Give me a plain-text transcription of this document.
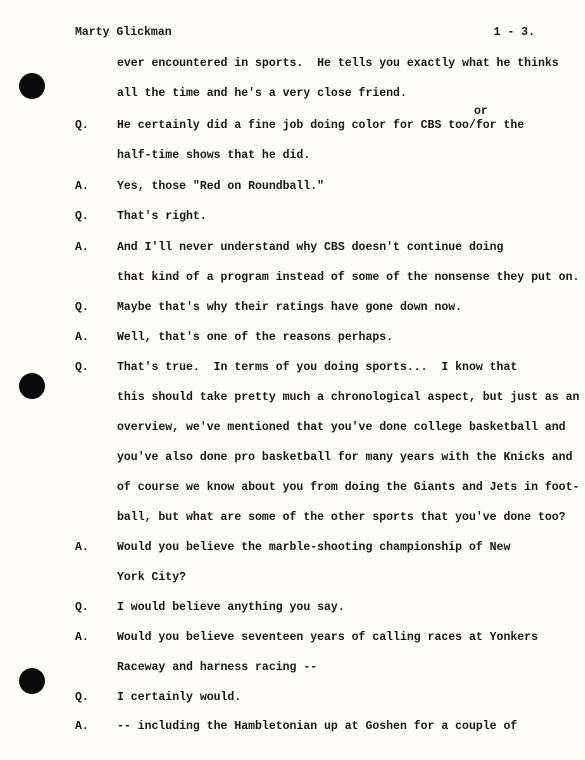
Marty Glickman	1 - 3.
or
ever encountered in sports.  He tells you exactly what he thinks
all the time and he's a very close friend.
Q. He certainly did a fine job doing color for CBS too/for the
half-time shows that he did.
A. Yes, those "Red on Roundball."
Q. That's right.
A. And I'll never understand why CBS doesn't continue doing
that kind of a program instead of some of the nonsense they put on.
Q. Maybe that's why their ratings have gone down now.
A. Well, that's one of the reasons perhaps.
Q. That's true.  In terms of you doing sports...  I know that
this should take pretty much a chronological aspect, but just as an
overview, we've mentioned that you've done college basketball and
you've also done pro basketball for many years with the Knicks and
of course we know about you from doing the Giants and Jets in foot-
ball, but what are some of the other sports that you've done too?
A. Would you believe the marble-shooting championship of New
York City?
Q. I would believe anything you say.
A. Would you believe seventeen years of calling races at Yonkers
Raceway and harness racing --
Q. I certainly would.
A. -- including the Hambletonian up at Goshen for a couple of
